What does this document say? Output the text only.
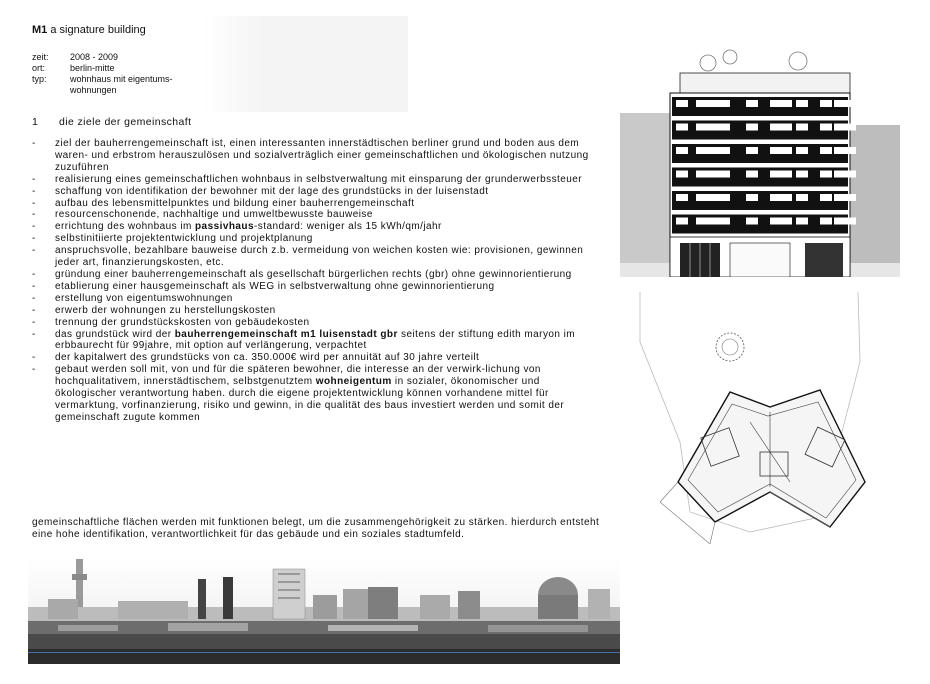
M1 a signature building
zeit:	2008 - 2009
ort:	berlin-mitte
typ:	wohnhaus mit eigentums-wohnungen
1 die ziele der gemeinschaft
-	ziel der bauherrengemeinschaft ist, einen interessanten innerstädtischen berliner grund und boden aus dem waren- und erbstrom herauszulösen und sozialverträglich einer gemeinschaftlichen und ökologischen nutzung zuzuführen
-	realisierung eines gemeinschaftlichen wohnbaus in selbstverwaltung mit einsparung der grunderwerbssteuer
-	schaffung von identifikation der bewohner mit der lage des grundstücks in der luisenstadt
-	aufbau des lebensmittelpunktes und bildung einer bauherrengemeinschaft
-	resourcenschonende, nachhaltige und umweltbewusste bauweise
-	errichtung des wohnbaus im passivhaus-standard: weniger als 15 kWh/qm/jahr
-	selbstinitiierte projektentwicklung und projektplanung
-	anspruchsvolle, bezahlbare bauweise durch z.b. vermeidung von weichen kosten wie: provisionen, gewinnen jeder art, finanzierungskosten, etc.
-	gründung einer bauherrengemeinschaft als gesellschaft bürgerlichen rechts (gbr) ohne gewinnorientierung
-	etablierung einer hausgemeinschaft als WEG in selbstverwaltung ohne gewinnorientierung
-	erstellung von eigentumswohnungen
-	erwerb der wohnungen zu herstellungskosten
-	trennung der grundstückskosten von gebäudekosten
-	das grundstück wird der bauherrengemeinschaft m1 luisenstadt gbr seitens der stiftung edith maryon im erbbaurecht für 99jahre, mit option auf verlängerung, verpachtet
-	der kapitalwert des grundstücks von ca. 350.000€ wird per annuität auf 30 jahre verteilt
-	gebaut werden soll mit, von und für die späteren bewohner, die interesse an der verwirk-lichung von hochqualitativem, innerstädtischem, selbstgenutztem wohneigentum in sozialer, ökonomischer und ökologischer verantwortung haben. durch die eigene projektentwicklung können vorhandene mittel für vermarktung, vorfinanzierung, risiko und gewinn, in die qualität des baus investiert werden und somit der gemeinschaft zugute kommen
gemeinschaftliche flächen werden mit funktionen belegt, um die zusammengehörigkeit zu stärken. hierdurch entsteht eine hohe identifikation, verantwortlichkeit für das gebäude und ein soziales stadtumfeld.
